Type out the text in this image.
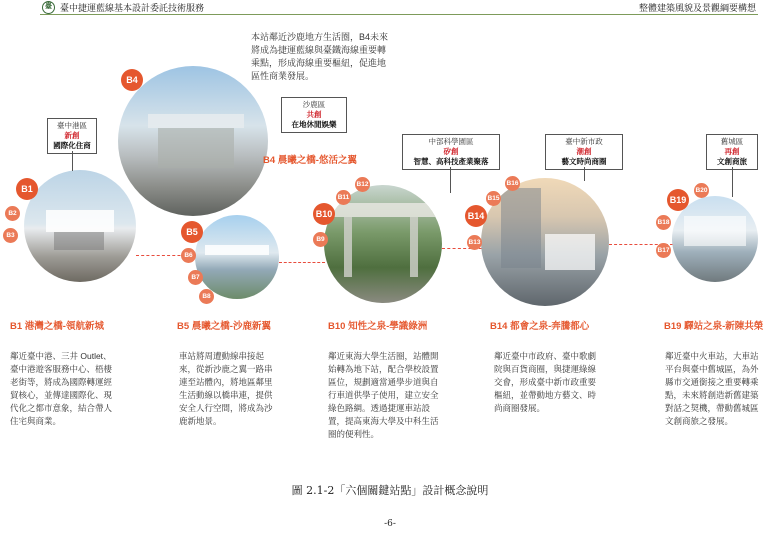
臺 臺中捷運藍線基本設計委託技術服務	整體建築風貌及景觀綱要構想
B1
B4
B5
B10	B14
B19
B2
B3
B6
B7
B8
B9
B11
B12
B13
B15
B16
B17
B18
B20
臺中港區
新創
國際化住商
沙鹿區
共創
在地休閒娛樂
中部科學園區
矽創
智慧、高科技產業聚落
臺中新市政
潮創
藝文時尚商圈
舊城區
再創
文創商旅
本站鄰近沙鹿地方生活圈，B4未來將成為捷運藍線與臺鐵海線重要轉乘點，形成海線重要樞紐，促進地區性商業發展。
B4 晨曦之橋-悠活之翼
B1 港灣之橋-領航新城	B5 晨曦之橋-沙鹿新翼	B10 知性之泉-學識綠洲	B14 都會之泉-奔騰都心	B19 驛站之泉-新陳共榮
鄰近臺中港、三井 Outlet、
臺中港遊客服務中心、梧棲
老街等，將成為國際轉運經
貿核心，並傳達國際化、現
代化之都市意象，結合帶人
住宅與商業。
車站將周遭動線串接起
來，從新沙鹿之翼一路串
連至站體內，將地區鄰里
生活動線以橋串連，提供
安全人行空間，將成為沙
鹿新地景。
鄰近東海大學生活圈，站體開
始轉為地下站，配合學校設置
區位，規劃適當通學步道與自
行車道供學子使用，建立安全
綠色路網。透過捷運車站設
置，提高東海大學及中科生活
圈的便利性。
鄰近臺中市政府、臺中歌劇
院與百貨商圈，與捷運綠線
交會，形成臺中新市政重要
樞紐，並帶動地方藝文、時
尚商圈發展。
鄰近臺中火車站，大車站
平台與臺中舊城區，為外
縣市交通銜接之重要轉乘
點，未來將創造新舊建築
對話之契機，帶動舊城區
文創商旅之發展。
圖 2.1-2「六個關鍵站點」設計概念說明
-6-
